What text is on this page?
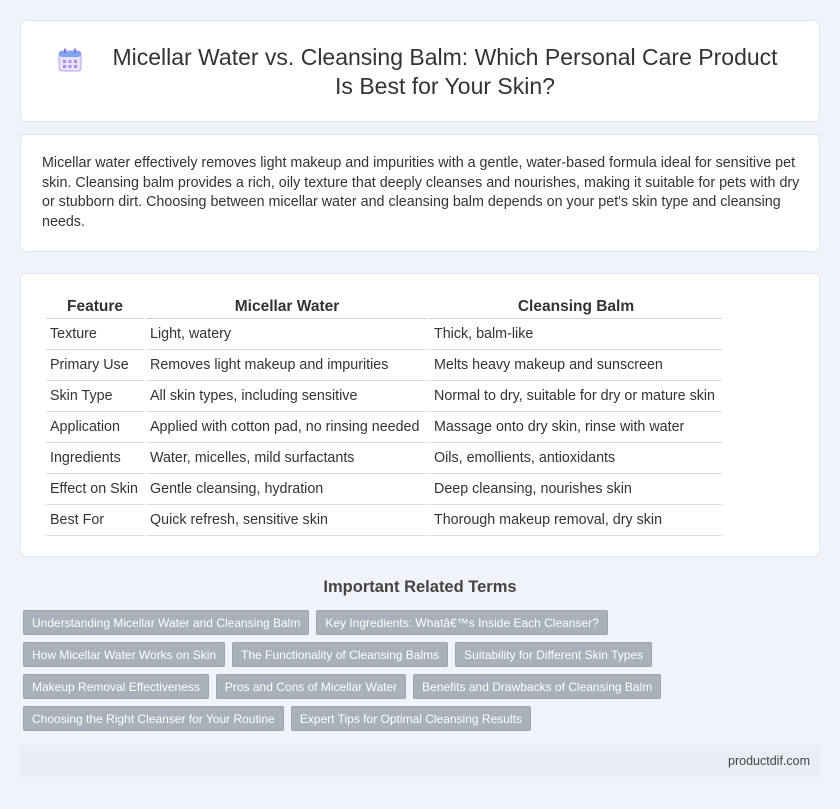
Micellar Water vs. Cleansing Balm: Which Personal Care Product Is Best for Your Skin?

Micellar water effectively removes light makeup and impurities with a gentle, water-based formula ideal for sensitive pet skin. Cleansing balm provides a rich, oily texture that deeply cleanses and nourishes, making it suitable for pets with dry or stubborn dirt. Choosing between micellar water and cleansing balm depends on your pet's skin type and cleansing needs.

Feature	Micellar Water	Cleansing Balm
Texture	Light, watery	Thick, balm-like
Primary Use	Removes light makeup and impurities	Melts heavy makeup and sunscreen
Skin Type	All skin types, including sensitive	Normal to dry, suitable for dry or mature skin
Application	Applied with cotton pad, no rinsing needed	Massage onto dry skin, rinse with water
Ingredients	Water, micelles, mild surfactants	Oils, emollients, antioxidants
Effect on Skin	Gentle cleansing, hydration	Deep cleansing, nourishes skin
Best For	Quick refresh, sensitive skin	Thorough makeup removal, dry skin
Important Related Terms
Understanding Micellar Water and Cleansing Balm	Key Ingredients: Whatâ€™s Inside Each Cleanser?
How Micellar Water Works on Skin	The Functionality of Cleansing Balms	Suitability for Different Skin Types
Makeup Removal Effectiveness	Pros and Cons of Micellar Water	Benefits and Drawbacks of Cleansing Balm
Choosing the Right Cleanser for Your Routine	Expert Tips for Optimal Cleansing Results
productdif.com
